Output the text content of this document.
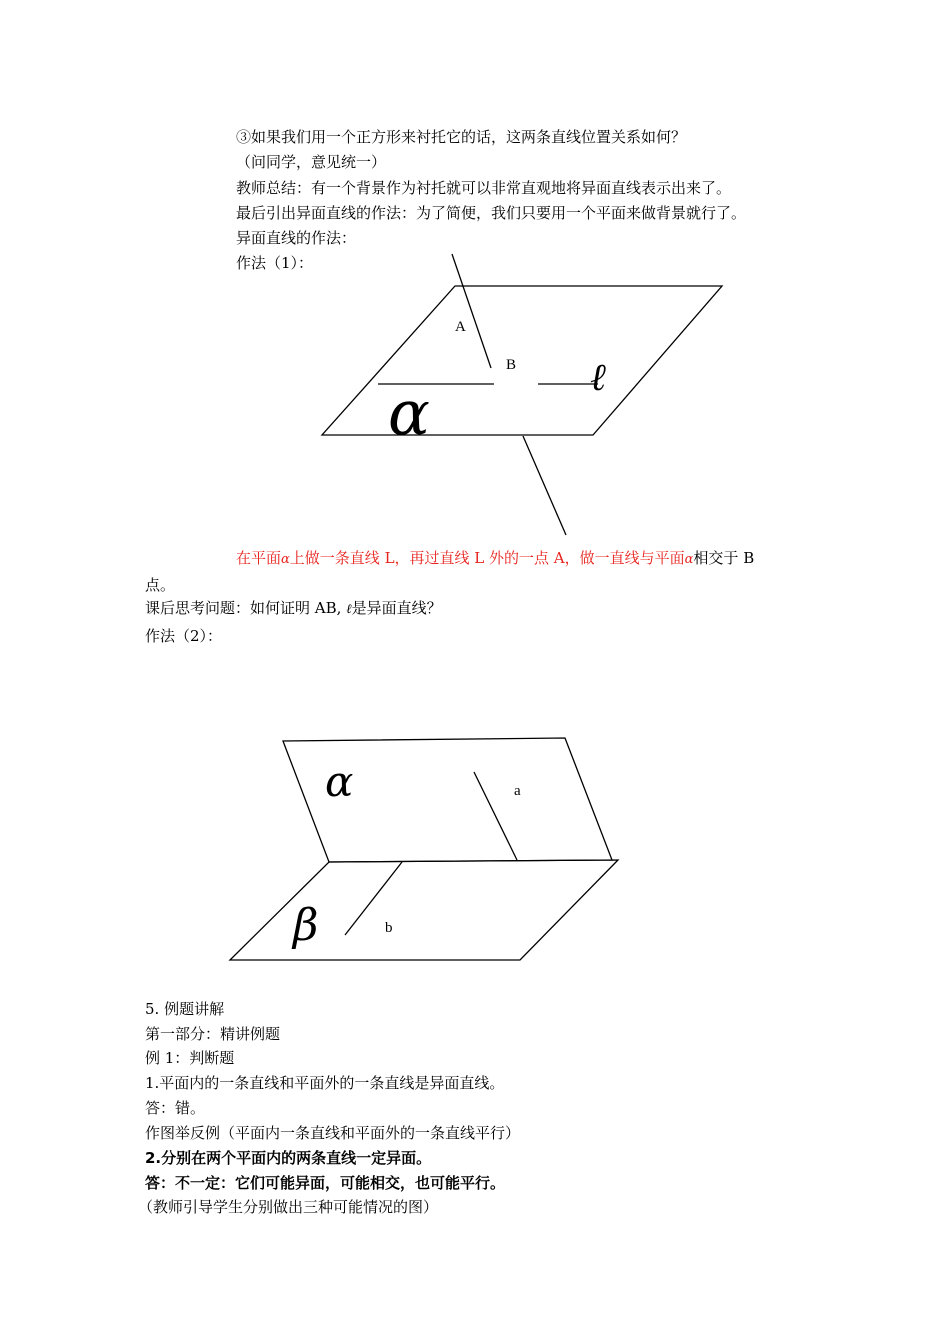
③如果我们用一个正方形来衬托它的话，这两条直线位置关系如何？
（问同学，意见统一）
教师总结：有一个背景作为衬托就可以非常直观地将异面直线表示出来了。
最后引出异面直线的作法：为了简便，我们只要用一个平面来做背景就行了。
异面直线的作法：
作法（1）：
A
B ℓ
α
α	a
β	b
在平面α上做一条直线 L，再过直线 L 外的一点 A，做一直线与平面α相交于 B
点。
课后思考问题：如何证明 AB, ℓ是异面直线？
作法（2）：
5. 例题讲解
第一部分：精讲例题
例 1：判断题
1.平面内的一条直线和平面外的一条直线是异面直线。
答：错。
作图举反例（平面内一条直线和平面外的一条直线平行）
2.分别在两个平面内的两条直线一定异面。
答：不一定：它们可能异面，可能相交，也可能平行。
（教师引导学生分别做出三种可能情况的图）
